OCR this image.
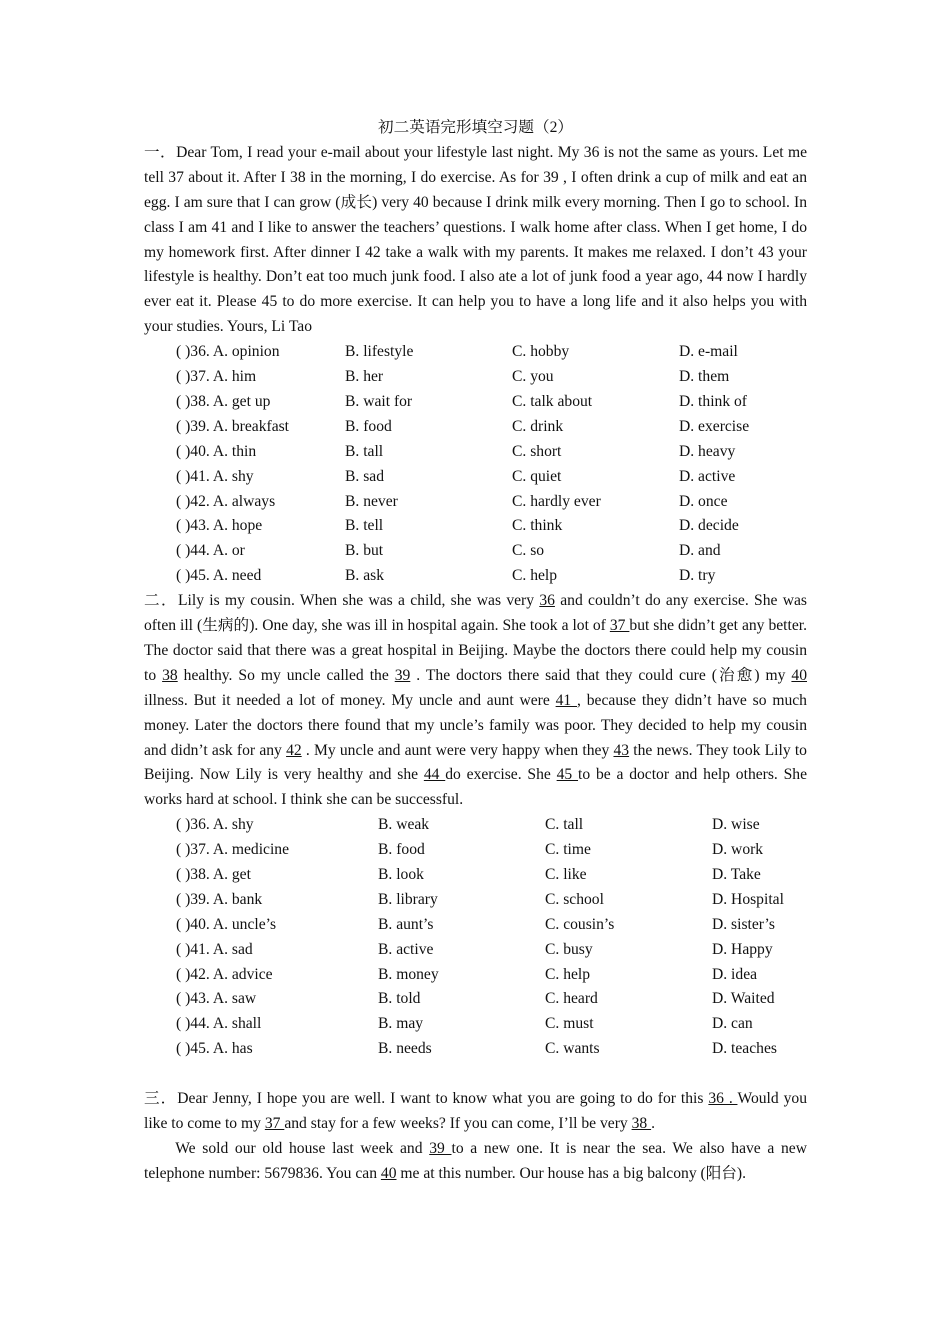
初二英语完形填空习题（2）
一．Dear Tom, I read your e-mail about your lifestyle last night. My 36 is not the same as yours. Let me tell 37 about it. After I 38 in the morning, I do exercise. As for 39 , I often drink a cup of milk and eat an egg. I am sure that I can grow (成长) very 40 because I drink milk every morning. Then I go to school. In class I am 41 and I like to answer the teachers’ questions. I walk home after class. When I get home, I do my homework first. After dinner I 42 take a walk with my parents. It makes me relaxed. I don’t 43 your lifestyle is healthy. Don’t eat too much junk food. I also ate a lot of junk food a year ago, 44 now I hardly ever eat it. Please 45 to do more exercise. It can help you to have a long life and it also helps you with your studies. Yours, Li Tao
( )36. A. opinion	B. lifestyle	C. hobby	D. e-mail
( )37. A. him	B. her	C. you	D. them
( )38. A. get up	B. wait for	C. talk about	D. think of
( )39. A. breakfast	B. food	C. drink	D. exercise
( )40. A. thin	B. tall	C. short	D. heavy
( )41. A. shy	B. sad	C. quiet	D. active
( )42. A. always	B. never	C. hardly ever	D. once
( )43. A. hope	B. tell	C. think	D. decide
( )44. A. or	B. but	C. so	D. and
( )45. A. need	B. ask	C. help	D. try
二．Lily is my cousin. When she was a child, she was very 36 and couldn’t do any exercise. She was often ill (生病的). One day, she was ill in hospital again. She took a lot of 37 but she didn’t get any better. The doctor said that there was a great hospital in Beijing. Maybe the doctors there could help my cousin to 38 healthy. So my uncle called the 39 . The doctors there said that they could cure (治愈) my 40 illness. But it needed a lot of money. My uncle and aunt were 41 , because they didn’t have so much money. Later the doctors there found that my uncle’s family was poor. They decided to help my cousin and didn’t ask for any 42 . My uncle and aunt were very happy when they 43 the news. They took Lily to Beijing. Now Lily is very healthy and she 44 do exercise. She 45 to be a doctor and help others. She works hard at school. I think she can be successful.
( )36. A. shy	B. weak	C. tall	D. wise
( )37. A. medicine	B. food	C. time	D. work
( )38. A. get	B. look	C. like	D. Take
( )39. A. bank	B. library	C. school	D. Hospital
( )40. A. uncle’s	B. aunt’s	C. cousin’s	D. sister’s
( )41. A. sad	B. active	C. busy	D. Happy
( )42. A. advice	B. money	C. help	D. idea
( )43. A. saw	B. told	C. heard	D. Waited
( )44. A. shall	B. may	C. must	D. can
( )45. A. has	B. needs	C. wants	D. teaches
三．Dear Jenny, I hope you are well. I want to know what you are going to do for this 36 . Would you like to come to my 37 and stay for a few weeks? If you can come, I’ll be very 38 .
We sold our old house last week and 39 to a new one. It is near the sea. We also have a new telephone number: 5679836. You can 40 me at this number. Our house has a big balcony (阳台).
